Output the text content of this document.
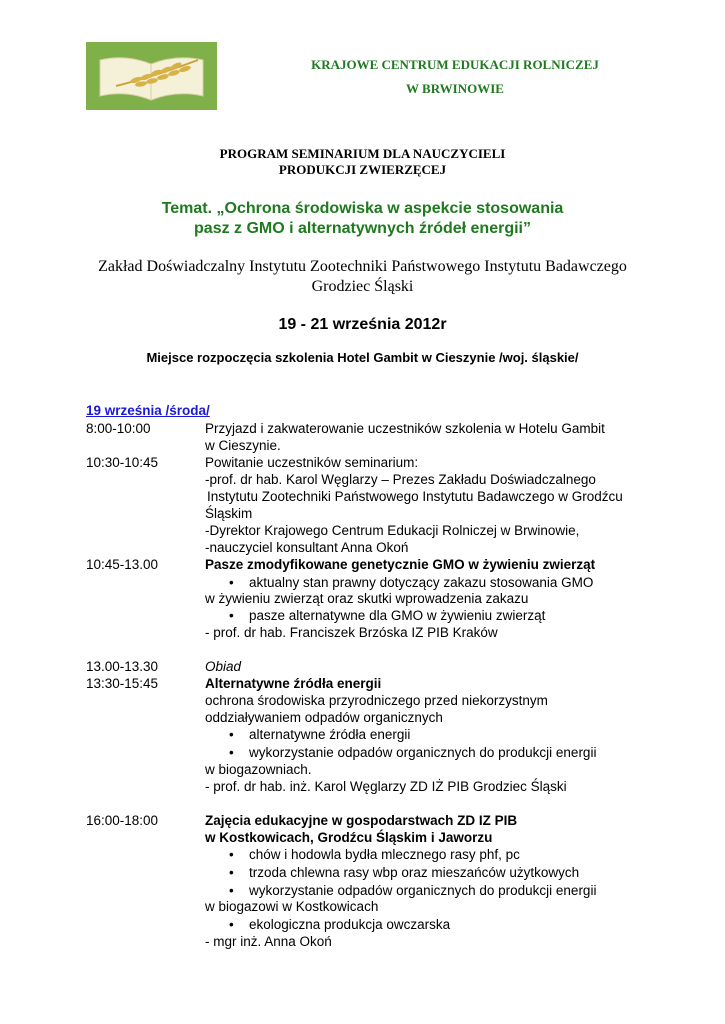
KRAJOWE CENTRUM EDUKACJI ROLNICZEJ
W BRWINOWIE
PROGRAM SEMINARIUM DLA NAUCZYCIELI
PRODUKCJI ZWIERZĘCEJ
Temat. „Ochrona środowiska w aspekcie stosowania
pasz z GMO i alternatywnych źródeł energii”
Zakład Doświadczalny Instytutu Zootechniki Państwowego Instytutu Badawczego
Grodziec Śląski
19 - 21 września 2012r
Miejsce rozpoczęcia szkolenia Hotel Gambit w Cieszynie /woj. śląskie/
19 września /środa/
8:00-10:00	Przyjazd i zakwaterowanie uczestników szkolenia w Hotelu Gambit
w Cieszynie.
10:30-10:45	Powitanie uczestników seminarium:
-prof. dr hab. Karol Węglarzy – Prezes Zakładu Doświadczalnego
Instytutu Zootechniki Państwowego Instytutu Badawczego w Grodźcu
Śląskim
-Dyrektor Krajowego Centrum Edukacji Rolniczej w Brwinowie,
-nauczyciel konsultant Anna Okoń
10:45-13.00	Pasze zmodyfikowane genetycznie GMO w żywieniu zwierząt
• aktualny stan prawny dotyczący zakazu stosowania GMO
w żywieniu zwierząt oraz skutki wprowadzenia zakazu
• pasze alternatywne dla GMO w żywieniu zwierząt
- prof. dr hab. Franciszek Brzóska IZ PIB Kraków
13.00-13.30	Obiad
13:30-15:45	Alternatywne źródła energii
ochrona środowiska przyrodniczego przed niekorzystnym
oddziaływaniem odpadów organicznych
• alternatywne źródła energii
• wykorzystanie odpadów organicznych do produkcji energii
w biogazowniach.
- prof. dr hab. inż. Karol Węglarzy ZD IŻ PIB Grodziec Śląski
16:00-18:00	Zajęcia edukacyjne w gospodarstwach ZD IZ PIB
w Kostkowicach, Grodźcu Śląskim i Jaworzu
• chów i hodowla bydła mlecznego rasy phf, pc
• trzoda chlewna rasy wbp oraz mieszańców użytkowych
• wykorzystanie odpadów organicznych do produkcji energii
w biogazowi w Kostkowicach
• ekologiczna produkcja owczarska
- mgr inż. Anna Okoń
